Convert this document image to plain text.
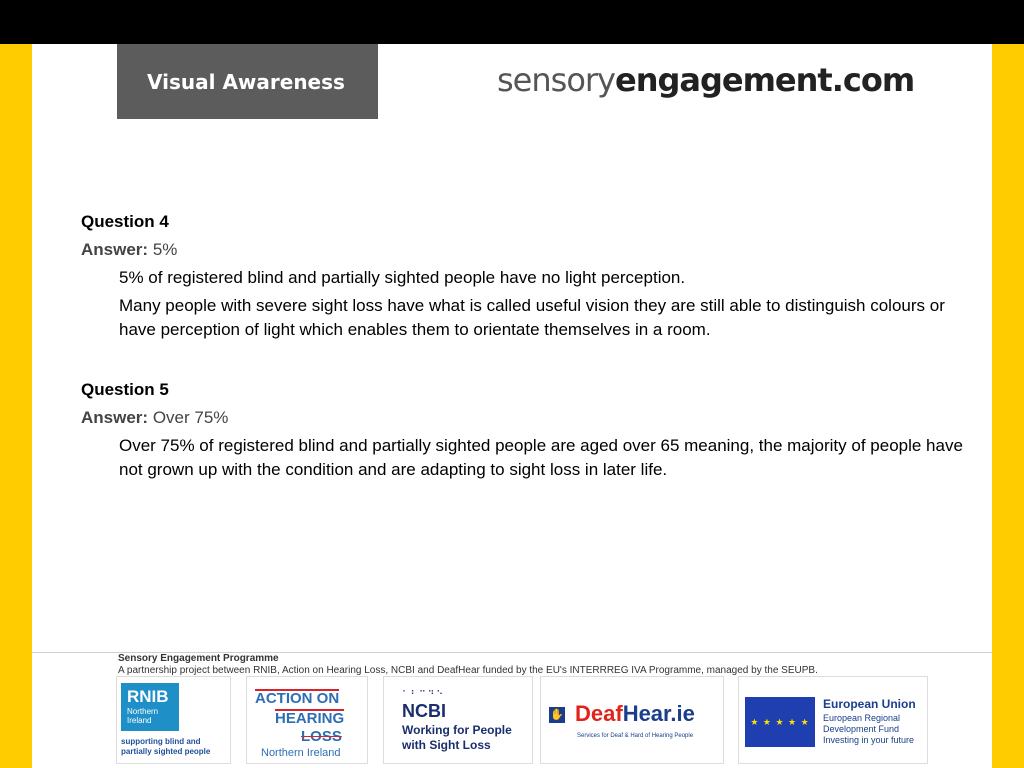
Visual Awareness	sensoryengagement.com
Question 4
Answer: 5%
5% of registered blind and partially sighted people have no light perception.
Many people with severe sight loss have what is called useful vision they are still able to distinguish colours or have perception of light which enables them to orientate themselves in a room.
Question 5
Answer: Over 75%
Over 75% of registered blind and partially sighted people are aged over 65 meaning, the majority of people have not grown up with the condition and are adapting to sight loss in later life.
Sensory Engagement Programme
A partnership project between RNIB, Action on Hearing Loss, NCBI and DeafHear funded by the EU's INTERRREG IVA Programme, managed by the SEUPB.
RNIB
Northern
Ireland
supporting blind and
partially sighted people
ACTION ON
HEARING
LOSS
Northern Ireland
⠁⠃⠉⠙⠑
NCBI
Working for People
with Sight Loss
✋ DeafHear.ie
Services for Deaf & Hard of Hearing People
★ ★ ★ ★ ★
European Union
European Regional
Development Fund
Investing in your future
